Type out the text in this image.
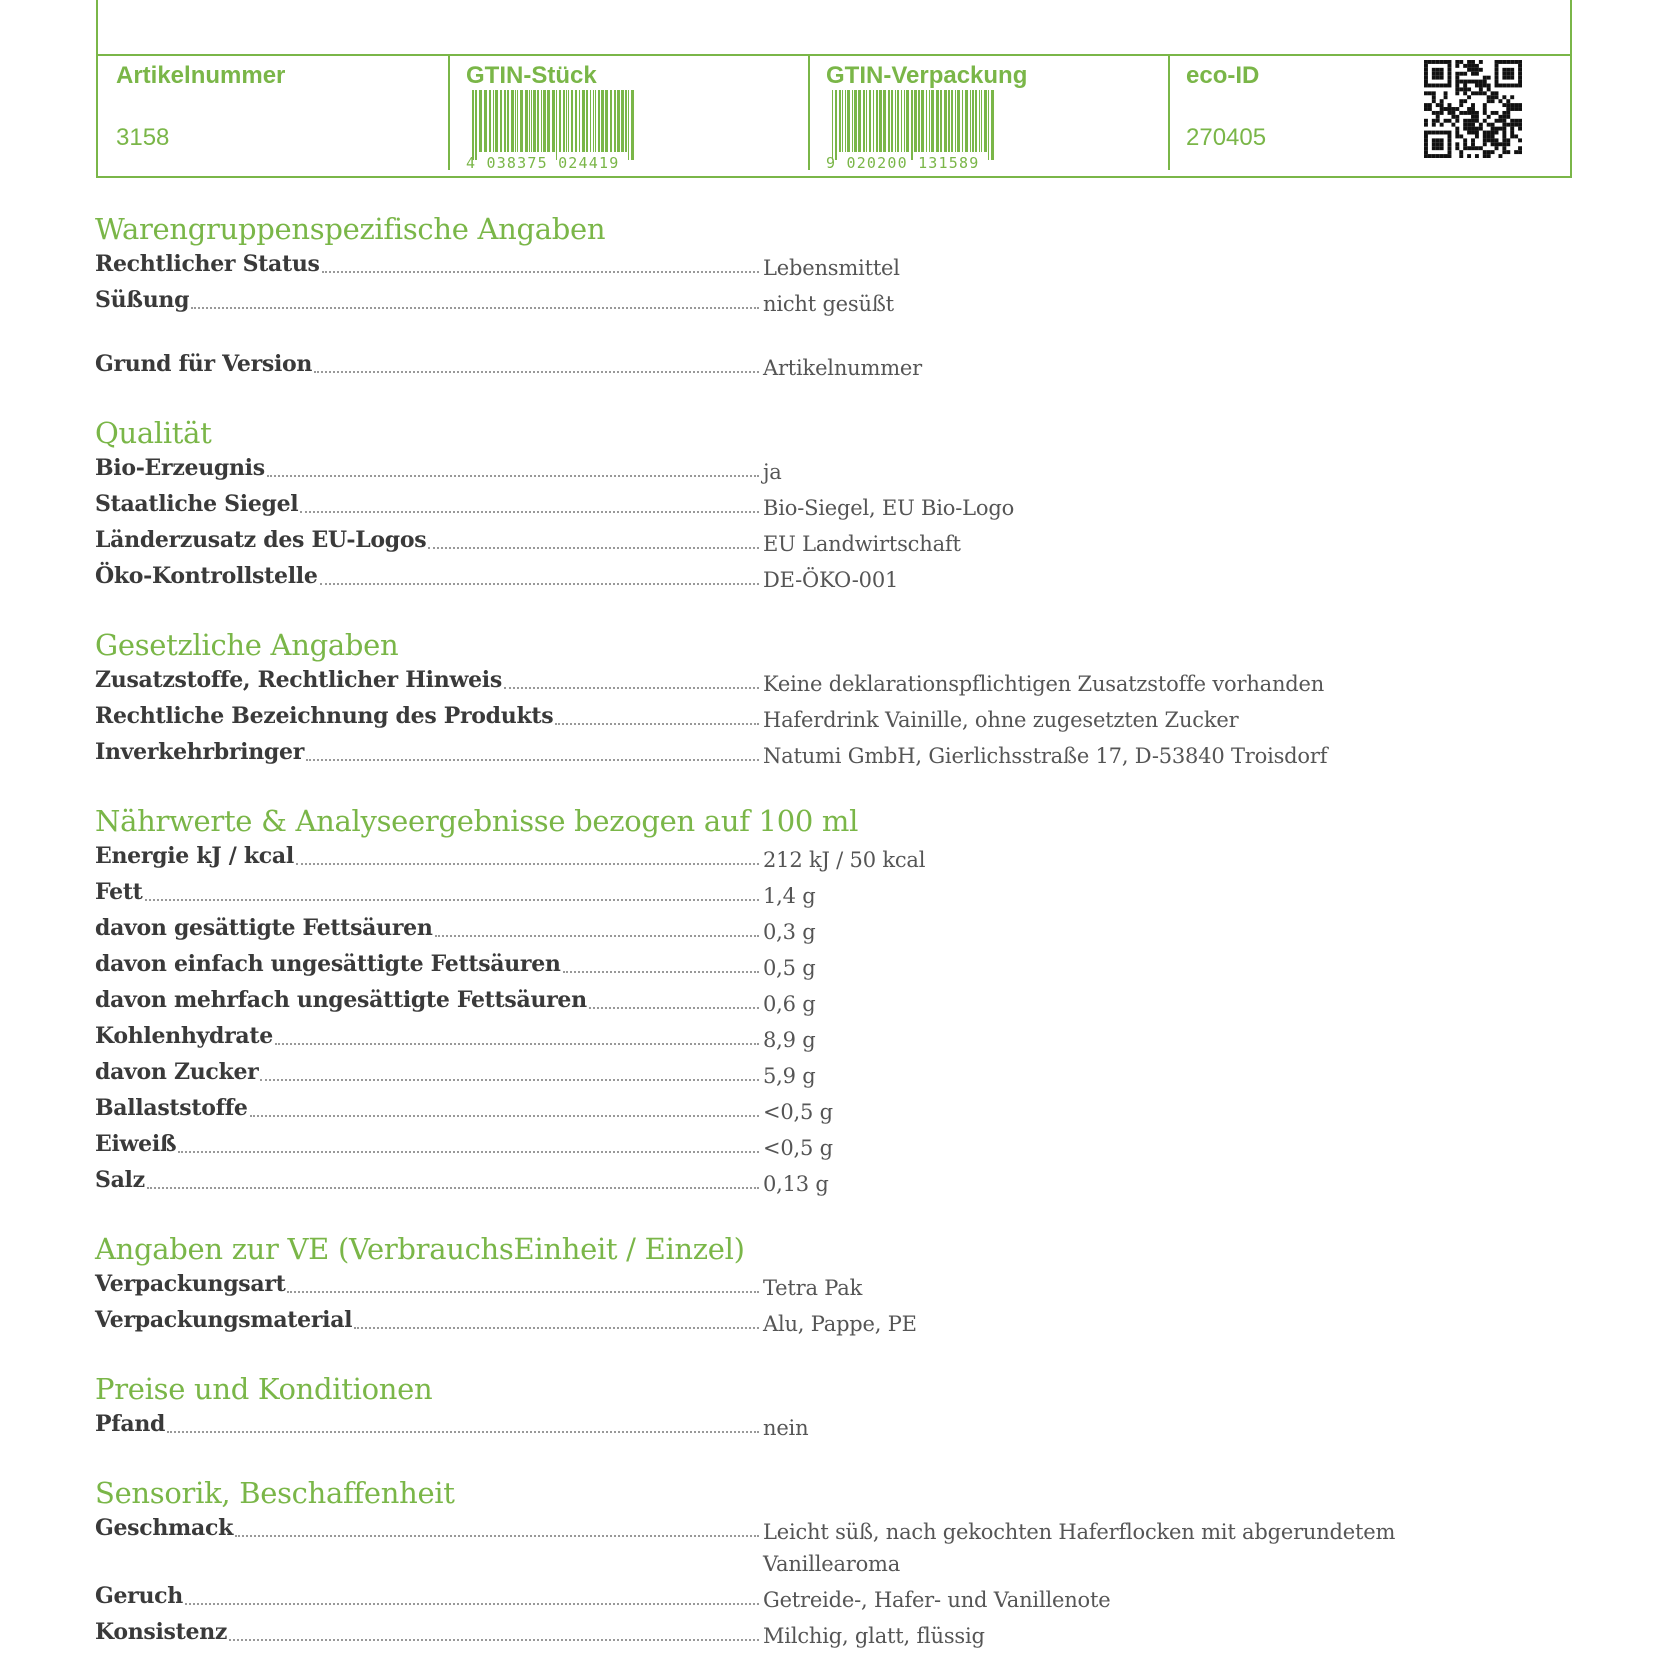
Artikelnummer
3158
GTIN-Stück
4 038375 024419
GTIN-Verpackung
9 020200 131589
eco-ID
270405
Warengruppenspezifische Angaben
Rechtlicher Status	Lebensmittel
Süßung	nicht gesüßt
Grund für Version	Artikelnummer
Qualität
Bio-Erzeugnis	ja
Staatliche Siegel	Bio-Siegel, EU Bio-Logo
Länderzusatz des EU-Logos	EU Landwirtschaft
Öko-Kontrollstelle	DE-ÖKO-001
Gesetzliche Angaben
Zusatzstoffe, Rechtlicher Hinweis	Keine deklarationspflichtigen Zusatzstoffe vorhanden
Rechtliche Bezeichnung des Produkts	Haferdrink Vainille, ohne zugesetzten Zucker
Inverkehrbringer	Natumi GmbH, Gierlichsstraße 17, D-53840 Troisdorf
Nährwerte & Analyseergebnisse bezogen auf 100 ml
Energie kJ / kcal	212 kJ / 50 kcal
Fett	1,4 g
davon gesättigte Fettsäuren	0,3 g
davon einfach ungesättigte Fettsäuren	0,5 g
davon mehrfach ungesättigte Fettsäuren	0,6 g
Kohlenhydrate	8,9 g
davon Zucker	5,9 g
Ballaststoffe	<0,5 g
Eiweiß	<0,5 g
Salz	0,13 g
Angaben zur VE (VerbrauchsEinheit / Einzel)
Verpackungsart	Tetra Pak
Verpackungsmaterial	Alu, Pappe, PE
Preise und Konditionen
Pfand	nein
Sensorik, Beschaffenheit
Geschmack	Leicht süß, nach gekochten Haferflocken mit abgerundetem Vanillearoma
Geruch	Getreide-, Hafer- und Vanillenote
Konsistenz	Milchig, glatt, flüssig
